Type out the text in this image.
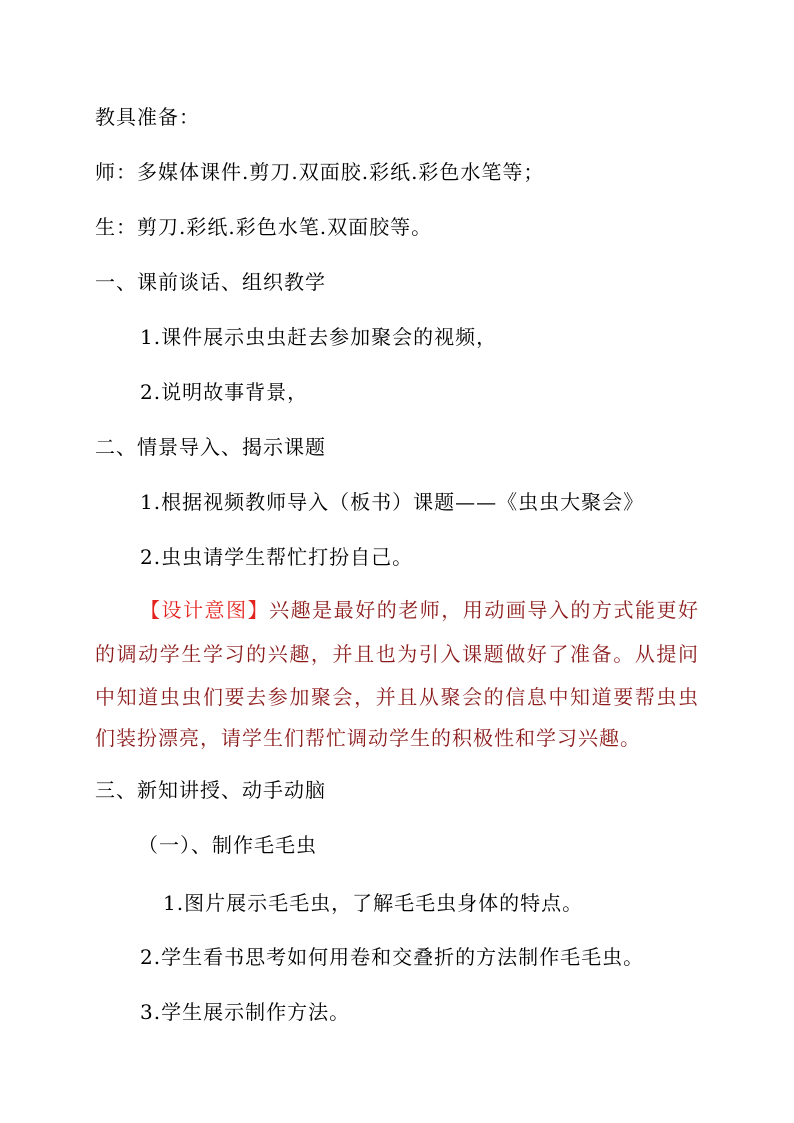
教具准备：
师：多媒体课件.剪刀.双面胶.彩纸.彩色水笔等；
生：剪刀.彩纸.彩色水笔.双面胶等。
一、课前谈话、组织教学
1.课件展示虫虫赶去参加聚会的视频，
2.说明故事背景，
二、情景导入、揭示课题
1.根据视频教师导入（板书）课题——《虫虫大聚会》
2.虫虫请学生帮忙打扮自己。
【设计意图】兴趣是最好的老师，用动画导入的方式能更好
的调动学生学习的兴趣，并且也为引入课题做好了准备。从提问
中知道虫虫们要去参加聚会，并且从聚会的信息中知道要帮虫虫
们装扮漂亮，请学生们帮忙调动学生的积极性和学习兴趣。
三、新知讲授、动手动脑
（一）、制作毛毛虫
1.图片展示毛毛虫，了解毛毛虫身体的特点。
2.学生看书思考如何用卷和交叠折的方法制作毛毛虫。
3.学生展示制作方法。
